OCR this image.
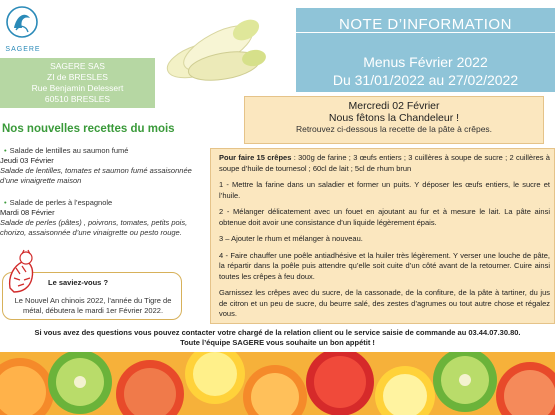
SAGERE
NOTE D’INFORMATION
Menus Février 2022
Du 31/01/2022 au 27/02/2022
SAGERE SAS
ZI de BRESLES
Rue Benjamin Delessert
60510 BRESLES
Nos nouvelles recettes du mois
• Salade de lentilles au saumon fumé
Jeudi 03 Février
Salade de lentilles, tomates et saumon fumé assaisonnée d’une vinaigrette maison
• Salade de perles à l’espagnole
Mardi 08 Février
Salade de perles (pâtes) , poivrons, tomates, petits pois, chorizo, assaisonnée d’une vinaigrette ou pesto rouge.
Le saviez-vous ?
Le Nouvel An chinois 2022, l’année du Tigre de métal, débutera le mardi 1er Février 2022.
Mercredi 02 Février
Nous fêtons la Chandeleur !
Retrouvez ci-dessous la recette de la pâte à crêpes.

Pour faire 15 crêpes : 300g de farine ; 3 œufs entiers ; 3 cuillères à soupe de sucre ; 2 cuillères à soupe d’huile de tournesol ; 60cl de lait ; 5cl de rhum brun

1 - Mettre la farine dans un saladier et former un puits. Y déposer les œufs entiers, le sucre et l’huile.

2 - Mélanger délicatement avec un fouet en ajoutant au fur et à mesure le lait. La pâte ainsi obtenue doit avoir une consistance d’un liquide légèrement épais.

3 – Ajouter le rhum et mélanger à nouveau.

4 - Faire chauffer une poêle antiadhésive et la huiler très légèrement. Y verser une louche de pâte, la répartir dans la poêle puis attendre qu’elle soit cuite d’un côté avant de la retourner. Cuire ainsi toutes les crêpes à feu doux.

Garnissez les crêpes avec du sucre, de la cassonade, de la confiture, de la pâte à tartiner, du jus de citron et un peu de sucre, du beurre salé, des zestes d’agrumes ou tout autre chose et régalez vous.

Si vous avez des questions vous pouvez contacter votre chargé de la relation client ou le service saisie de commande au 03.44.07.30.80.
Toute l’équipe SAGERE vous souhaite un bon appétit !
